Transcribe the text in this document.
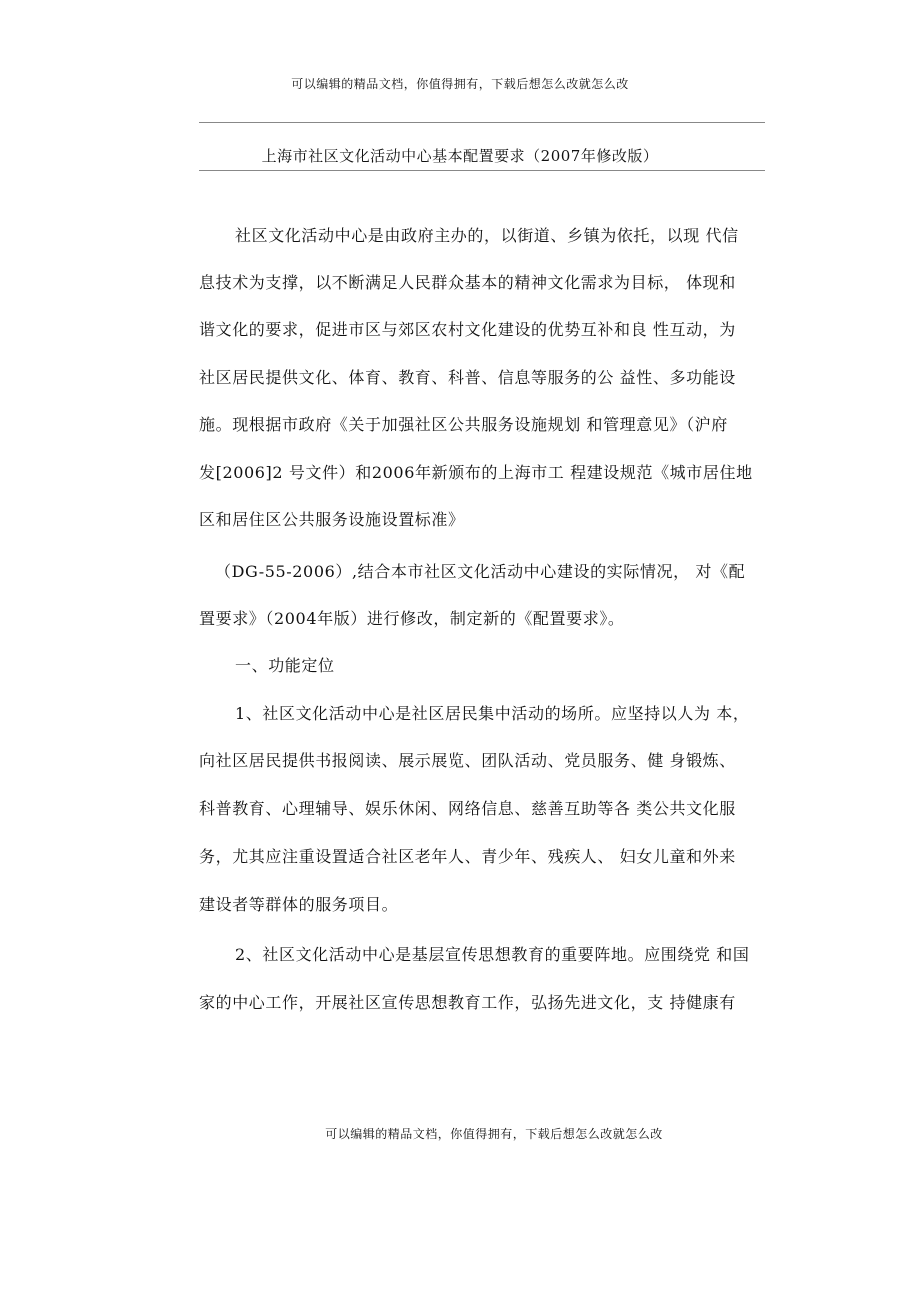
可以编辑的精品文档，你值得拥有，下载后想怎么改就怎么改
上海市社区文化活动中心基本配置要求（2007年修改版）
社区文化活动中心是由政府主办的，以街道、乡镇为依托，以现 代信
息技术为支撑，以不断满足人民群众基本的精神文化需求为目标， 体现和
谐文化的要求，促进市区与郊区农村文化建设的优势互补和良 性互动，为
社区居民提供文化、体育、教育、科普、信息等服务的公 益性、多功能设
施。现根据市政府《关于加强社区公共服务设施规划 和管理意见》（沪府
发[2006]2 号文件）和2006年新颁布的上海市工 程建设规范《城市居住地
区和居住区公共服务设施设置标准》
（DG-55-2006）,结合本市社区文化活动中心建设的实际情况， 对《配
置要求》（2004年版）进行修改，制定新的《配置要求》。
一、功能定位
1、社区文化活动中心是社区居民集中活动的场所。应坚持以人为 本，
向社区居民提供书报阅读、展示展览、团队活动、党员服务、健 身锻炼、
科普教育、心理辅导、娱乐休闲、网络信息、慈善互助等各 类公共文化服
务，尤其应注重设置适合社区老年人、青少年、残疾人、 妇女儿童和外来
建设者等群体的服务项目。
2、社区文化活动中心是基层宣传思想教育的重要阵地。应围绕党 和国
家的中心工作，开展社区宣传思想教育工作，弘扬先进文化，支 持健康有
可以编辑的精品文档，你值得拥有，下载后想怎么改就怎么改
